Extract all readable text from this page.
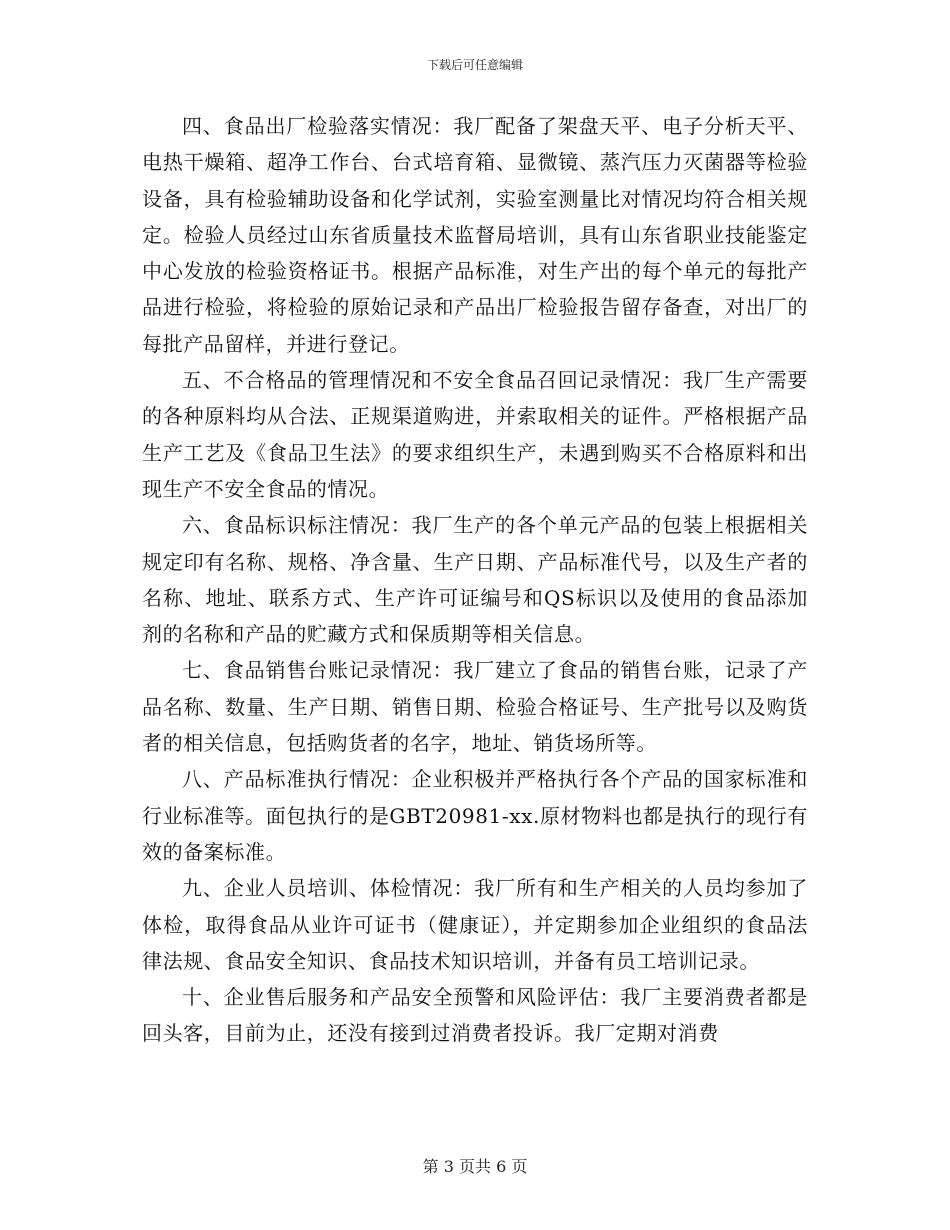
下载后可任意编辑

四、食品出厂检验落实情况：我厂配备了架盘天平、电子分析天平、电热干燥箱、超净工作台、台式培育箱、显微镜、蒸汽压力灭菌器等检验设备，具有检验辅助设备和化学试剂，实验室测量比对情况均符合相关规定。检验人员经过山东省质量技术监督局培训，具有山东省职业技能鉴定中心发放的检验资格证书。根据产品标准，对生产出的每个单元的每批产品进行检验，将检验的原始记录和产品出厂检验报告留存备查，对出厂的每批产品留样，并进行登记。

五、不合格品的管理情况和不安全食品召回记录情况：我厂生产需要的各种原料均从合法、正规渠道购进，并索取相关的证件。严格根据产品生产工艺及《食品卫生法》的要求组织生产，未遇到购买不合格原料和出现生产不安全食品的情况。

六、食品标识标注情况：我厂生产的各个单元产品的包装上根据相关规定印有名称、规格、净含量、生产日期、产品标准代号，以及生产者的名称、地址、联系方式、生产许可证编号和QS标识以及使用的食品添加剂的名称和产品的贮藏方式和保质期等相关信息。

七、食品销售台账记录情况：我厂建立了食品的销售台账，记录了产品名称、数量、生产日期、销售日期、检验合格证号、生产批号以及购货者的相关信息，包括购货者的名字，地址、销货场所等。

八、产品标准执行情况：企业积极并严格执行各个产品的国家标准和行业标准等。面包执行的是GBT20981-xx.原材物料也都是执行的现行有效的备案标准。

九、企业人员培训、体检情况：我厂所有和生产相关的人员均参加了体检，取得食品从业许可证书（健康证），并定期参加企业组织的食品法律法规、食品安全知识、食品技术知识培训，并备有员工培训记录。

十、企业售后服务和产品安全预警和风险评估：我厂主要消费者都是回头客，目前为止，还没有接到过消费者投诉。我厂定期对消费

第 3 页共 6 页
